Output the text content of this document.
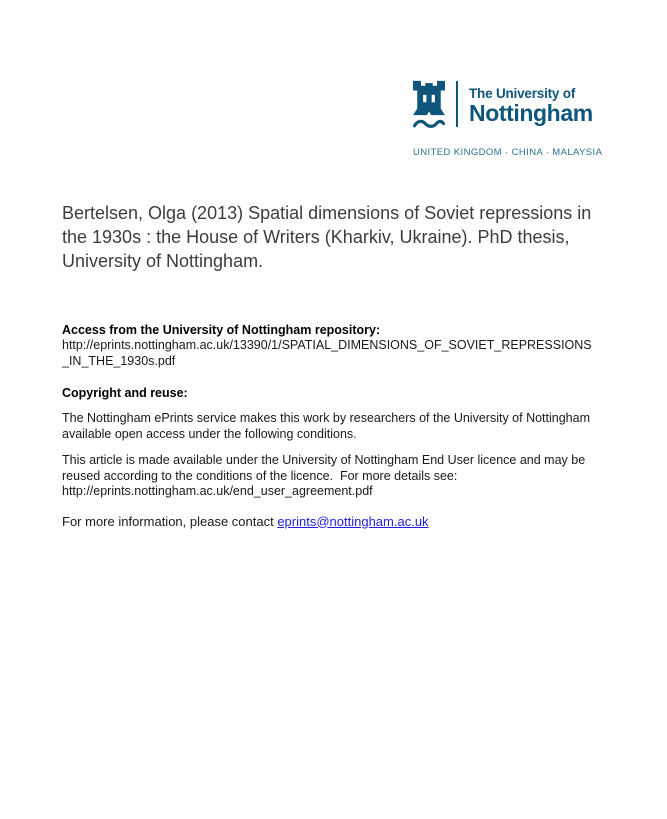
The University of
Nottingham
UNITED KINGDOM · CHINA · MALAYSIA

Bertelsen, Olga (2013) Spatial dimensions of Soviet repressions in the 1930s : the House of Writers (Kharkiv, Ukraine). PhD thesis, University of Nottingham.

Access from the University of Nottingham repository:

http://eprints.nottingham.ac.uk/13390/1/SPATIAL_DIMENSIONS_OF_SOVIET_REPRESSIONS_IN_THE_1930s.pdf

Copyright and reuse:

The Nottingham ePrints service makes this work by researchers of the University of Nottingham available open access under the following conditions.

This article is made available under the University of Nottingham End User licence and may be reused according to the conditions of the licence.  For more details see:

http://eprints.nottingham.ac.uk/end_user_agreement.pdf

For more information, please contact eprints@nottingham.ac.uk
